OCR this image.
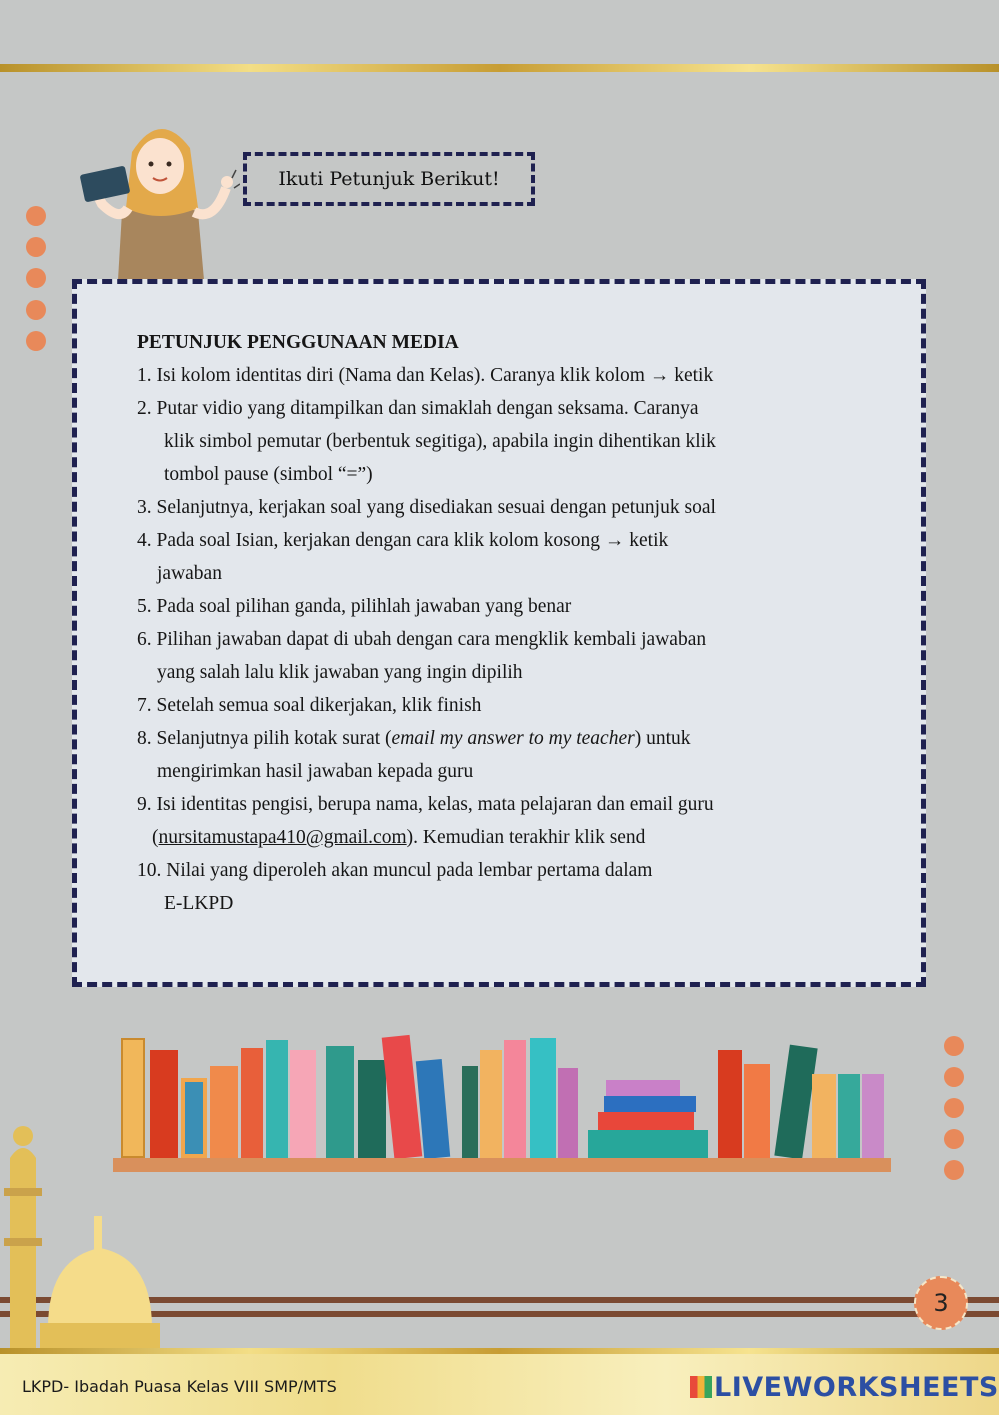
Ikuti Petunjuk Berikut!
PETUNJUK PENGGUNAAN MEDIA
1. Isi kolom identitas diri (Nama dan Kelas). Caranya klik kolom → ketik
2. Putar vidio yang ditampilkan dan simaklah dengan seksama. Caranya
klik simbol pemutar (berbentuk segitiga), apabila ingin dihentikan klik
tombol pause (simbol “=”)
3. Selanjutnya, kerjakan soal yang disediakan sesuai dengan petunjuk soal
4. Pada soal Isian, kerjakan dengan cara klik kolom kosong → ketik
jawaban
5. Pada soal pilihan ganda, pilihlah jawaban yang benar
6. Pilihan jawaban dapat di ubah dengan cara mengklik kembali jawaban
yang salah lalu klik jawaban yang ingin dipilih
7. Setelah semua soal dikerjakan, klik finish
8. Selanjutnya pilih kotak surat (email my answer to my teacher) untuk
mengirimkan hasil jawaban kepada guru
9. Isi identitas pengisi, berupa nama, kelas, mata pelajaran dan email guru
(nursitamustapa410@gmail.com). Kemudian terakhir klik send
10. Nilai yang diperoleh akan muncul pada lembar pertama dalam
E-LKPD
3
LKPD- Ibadah Puasa Kelas VIII SMP/MTS	LIVEWORKSHEETS
